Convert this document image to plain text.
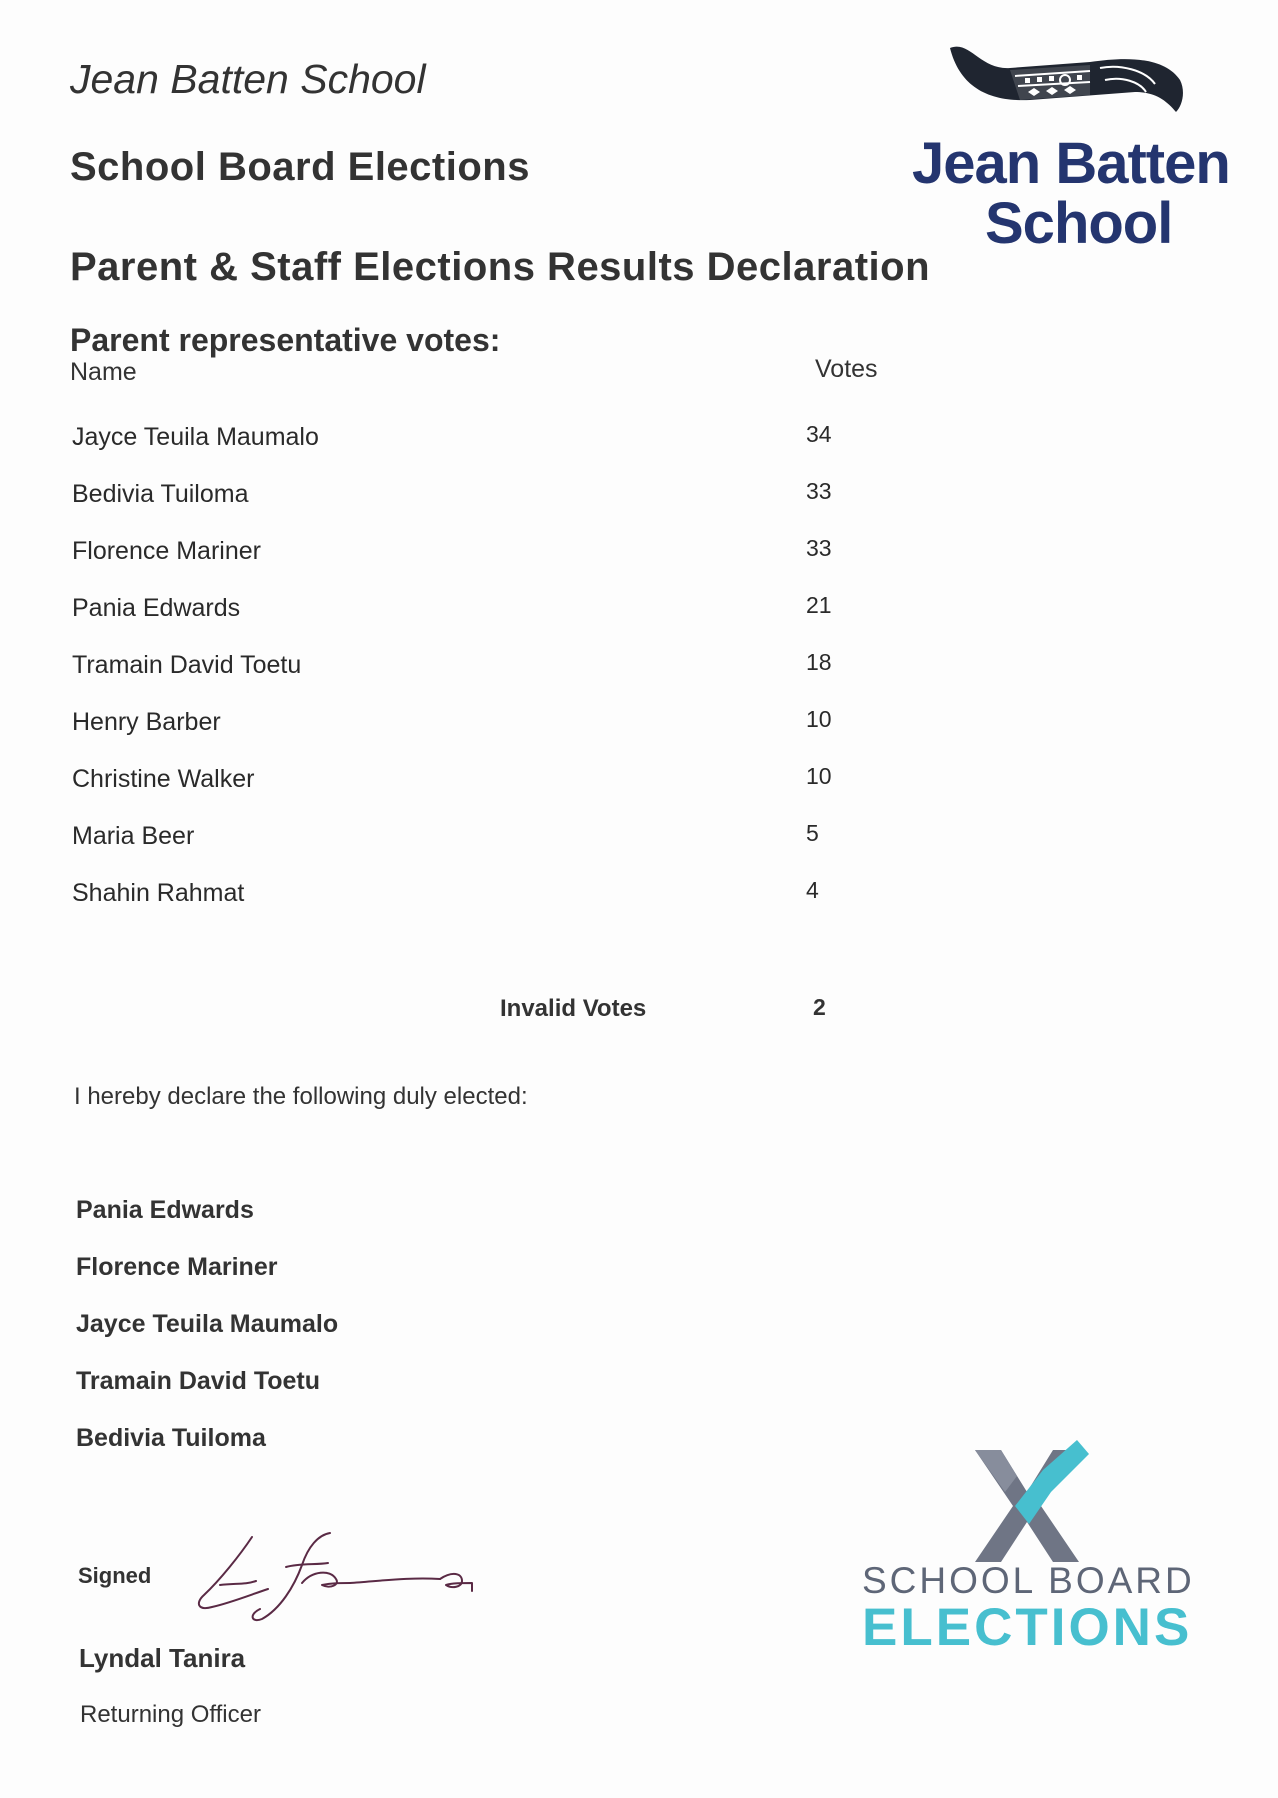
Jean Batten School
School Board Elections
Parent & Staff Elections Results Declaration
Jean Batten
School
Parent representative votes:
Name	Votes
Jayce Teuila Maumalo	34
Bedivia Tuiloma	33
Florence Mariner	33
Pania Edwards	21
Tramain David Toetu	18
Henry Barber	10
Christine Walker	10
Maria Beer	5
Shahin Rahmat	4
Invalid Votes	2
I hereby declare the following duly elected:
Pania Edwards
Florence Mariner
Jayce Teuila Maumalo
Tramain David Toetu
Bedivia Tuiloma
Signed
Lyndal Tanira
Returning Officer
SCHOOL BOARD
ELECTIONS
